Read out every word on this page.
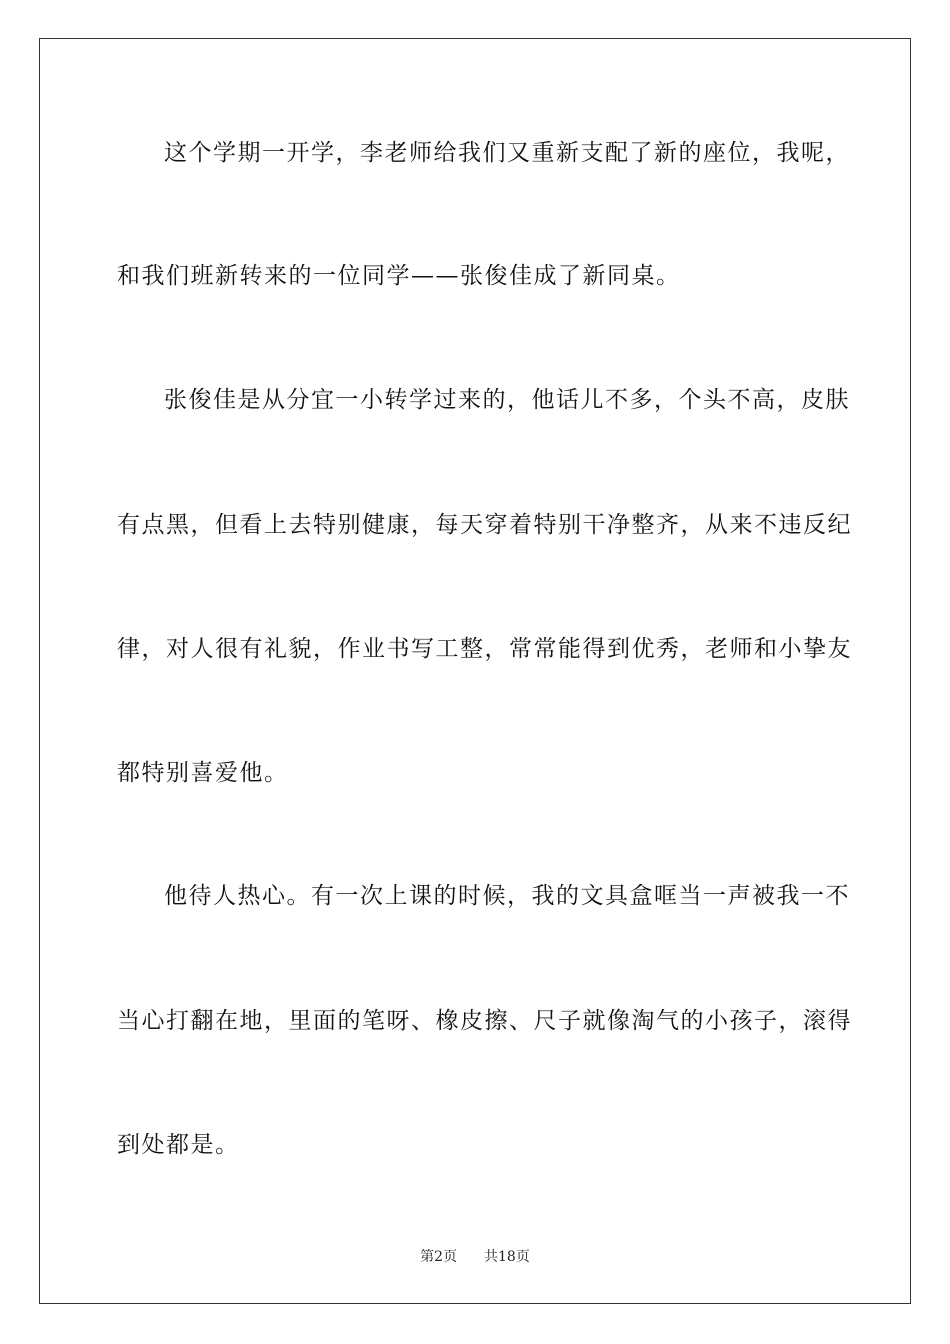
这个学期一开学，李老师给我们又重新支配了新的座位，我呢，
和我们班新转来的一位同学——张俊佳成了新同桌。
张俊佳是从分宜一小转学过来的，他话儿不多，个头不高，皮肤
有点黑，但看上去特别健康，每天穿着特别干净整齐，从来不违反纪
律，对人很有礼貌，作业书写工整，常常能得到优秀，老师和小挚友
都特别喜爱他。
他待人热心。有一次上课的时候，我的文具盒哐当一声被我一不
当心打翻在地，里面的笔呀、橡皮擦、尺子就像淘气的小孩子，滚得
到处都是。
第2页 共18页
